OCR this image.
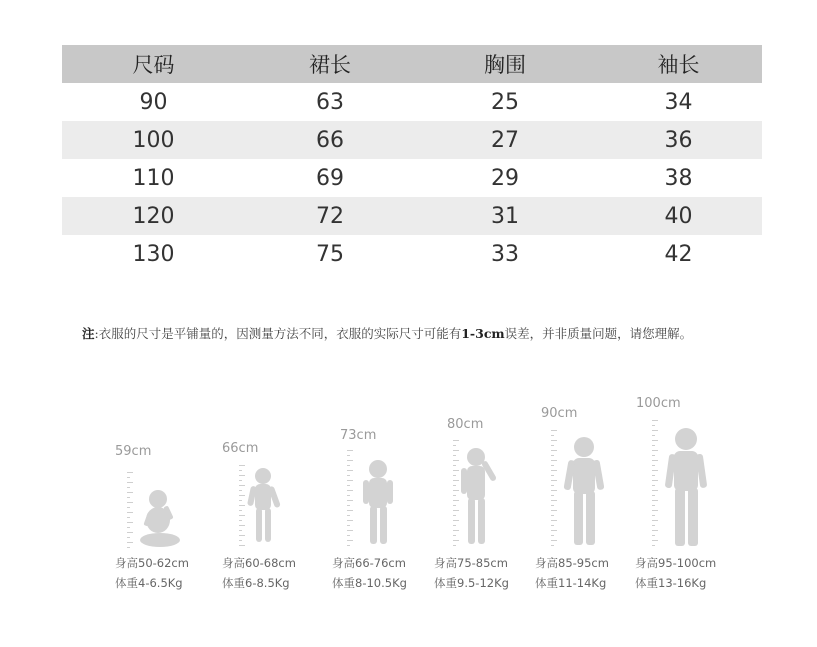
尺码	裙长	胸围	袖长
90	63	25	34
100	66	27	36
110	69	29	38
120	72	31	40
130	75	33	42
注:衣服的尺寸是平铺量的，因测量方法不同，衣服的实际尺寸可能有1-3cm误差，并非质量问题，请您理解。
59cm
身高50-62cm
体重4-6.5Kg
66cm
身高60-68cm
体重6-8.5Kg
73cm
身高66-76cm
体重8-10.5Kg
80cm
身高75-85cm
体重9.5-12Kg
90cm
身高85-95cm
体重11-14Kg
100cm
身高95-100cm
体重13-16Kg
